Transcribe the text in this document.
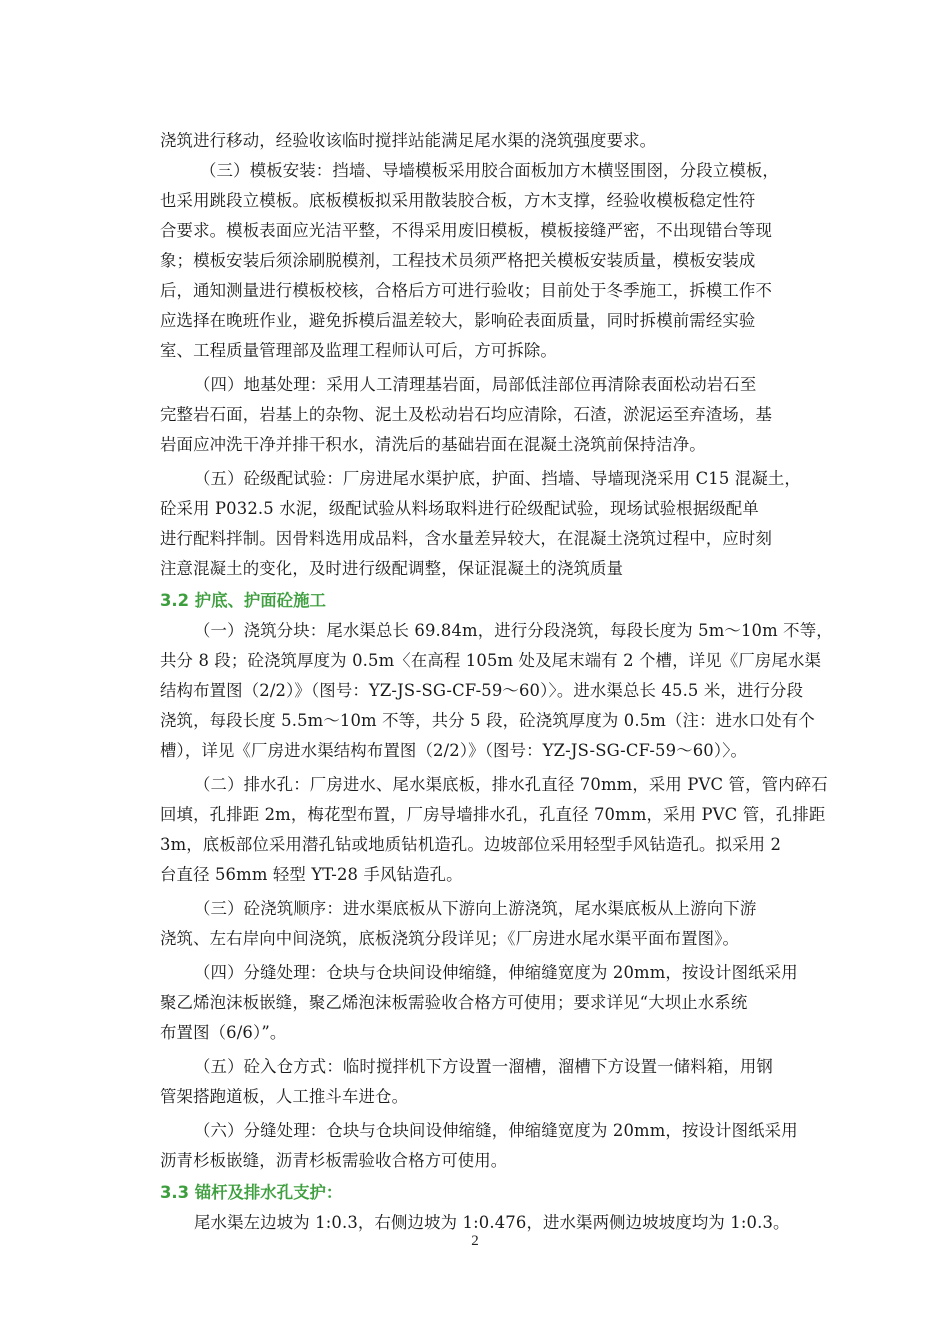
浇筑进行移动，经验收该临时搅拌站能满足尾水渠的浇筑强度要求。
（三）模板安装：挡墙、导墙模板采用胶合面板加方木横竖围囹，分段立模板，
也采用跳段立模板。底板模板拟采用散装胶合板，方木支撑，经验收模板稳定性符
合要求。模板表面应光洁平整，不得采用废旧模板，模板接缝严密，不出现错台等现
象；模板安装后须涂刷脱模剂，工程技术员须严格把关模板安装质量，模板安装成
后，通知测量进行模板校核，合格后方可进行验收；目前处于冬季施工，拆模工作不
应选择在晚班作业，避免拆模后温差较大，影响砼表面质量，同时拆模前需经实验
室、工程质量管理部及监理工程师认可后，方可拆除。
（四）地基处理：采用人工清理基岩面，局部低洼部位再清除表面松动岩石至
完整岩石面，岩基上的杂物、泥土及松动岩石均应清除，石渣，淤泥运至弃渣场，基
岩面应冲洗干净并排干积水，清洗后的基础岩面在混凝土浇筑前保持洁净。
（五）砼级配试验：厂房进尾水渠护底，护面、挡墙、导墙现浇采用 C15 混凝土，
砼采用 P032.5 水泥，级配试验从料场取料进行砼级配试验，现场试验根据级配单
进行配料拌制。因骨料选用成品料，含水量差异较大，在混凝土浇筑过程中，应时刻
注意混凝土的变化，及时进行级配调整，保证混凝土的浇筑质量
3.2 护底、护面砼施工
（一）浇筑分块：尾水渠总长 69.84m，进行分段浇筑，每段长度为 5m～10m 不等，
共分 8 段；砼浇筑厚度为 0.5m〈在高程 105m 处及尾末端有 2 个槽，详见《厂房尾水渠
结构布置图（2/2）》（图号：YZ-JS-SG-CF-59～60）〉。进水渠总长 45.5 米，进行分段
浇筑，每段长度 5.5m～10m 不等，共分 5 段，砼浇筑厚度为 0.5m（注：进水口处有个
槽），详见《厂房进水渠结构布置图（2/2）》（图号：YZ-JS-SG-CF-59～60）〉。
（二）排水孔：厂房进水、尾水渠底板，排水孔直径 70mm，采用 PVC 管，管内碎石
回填，孔排距 2m，梅花型布置，厂房导墙排水孔，孔直径 70mm，采用 PVC 管，孔排距
3m，底板部位采用潜孔钻或地质钻机造孔。边坡部位采用轻型手风钻造孔。拟采用 2
台直径 56mm 轻型 YT-28 手风钻造孔。
（三）砼浇筑顺序：进水渠底板从下游向上游浇筑，尾水渠底板从上游向下游
浇筑、左右岸向中间浇筑，底板浇筑分段详见；《厂房进水尾水渠平面布置图》。
（四）分缝处理：仓块与仓块间设伸缩缝，伸缩缝宽度为 20mm，按设计图纸采用
聚乙烯泡沫板嵌缝，聚乙烯泡沫板需验收合格方可使用；要求详见“大坝止水系统
布置图（6/6）”。
（五）砼入仓方式：临时搅拌机下方设置一溜槽，溜槽下方设置一储料箱，用钢
管架搭跑道板，人工推斗车进仓。
（六）分缝处理：仓块与仓块间设伸缩缝，伸缩缝宽度为 20mm，按设计图纸采用
沥青杉板嵌缝，沥青杉板需验收合格方可使用。
3.3 锚杆及排水孔支护：
尾水渠左边坡为 1:0.3，右侧边坡为 1:0.476，进水渠两侧边坡坡度均为 1:0.3。
2
